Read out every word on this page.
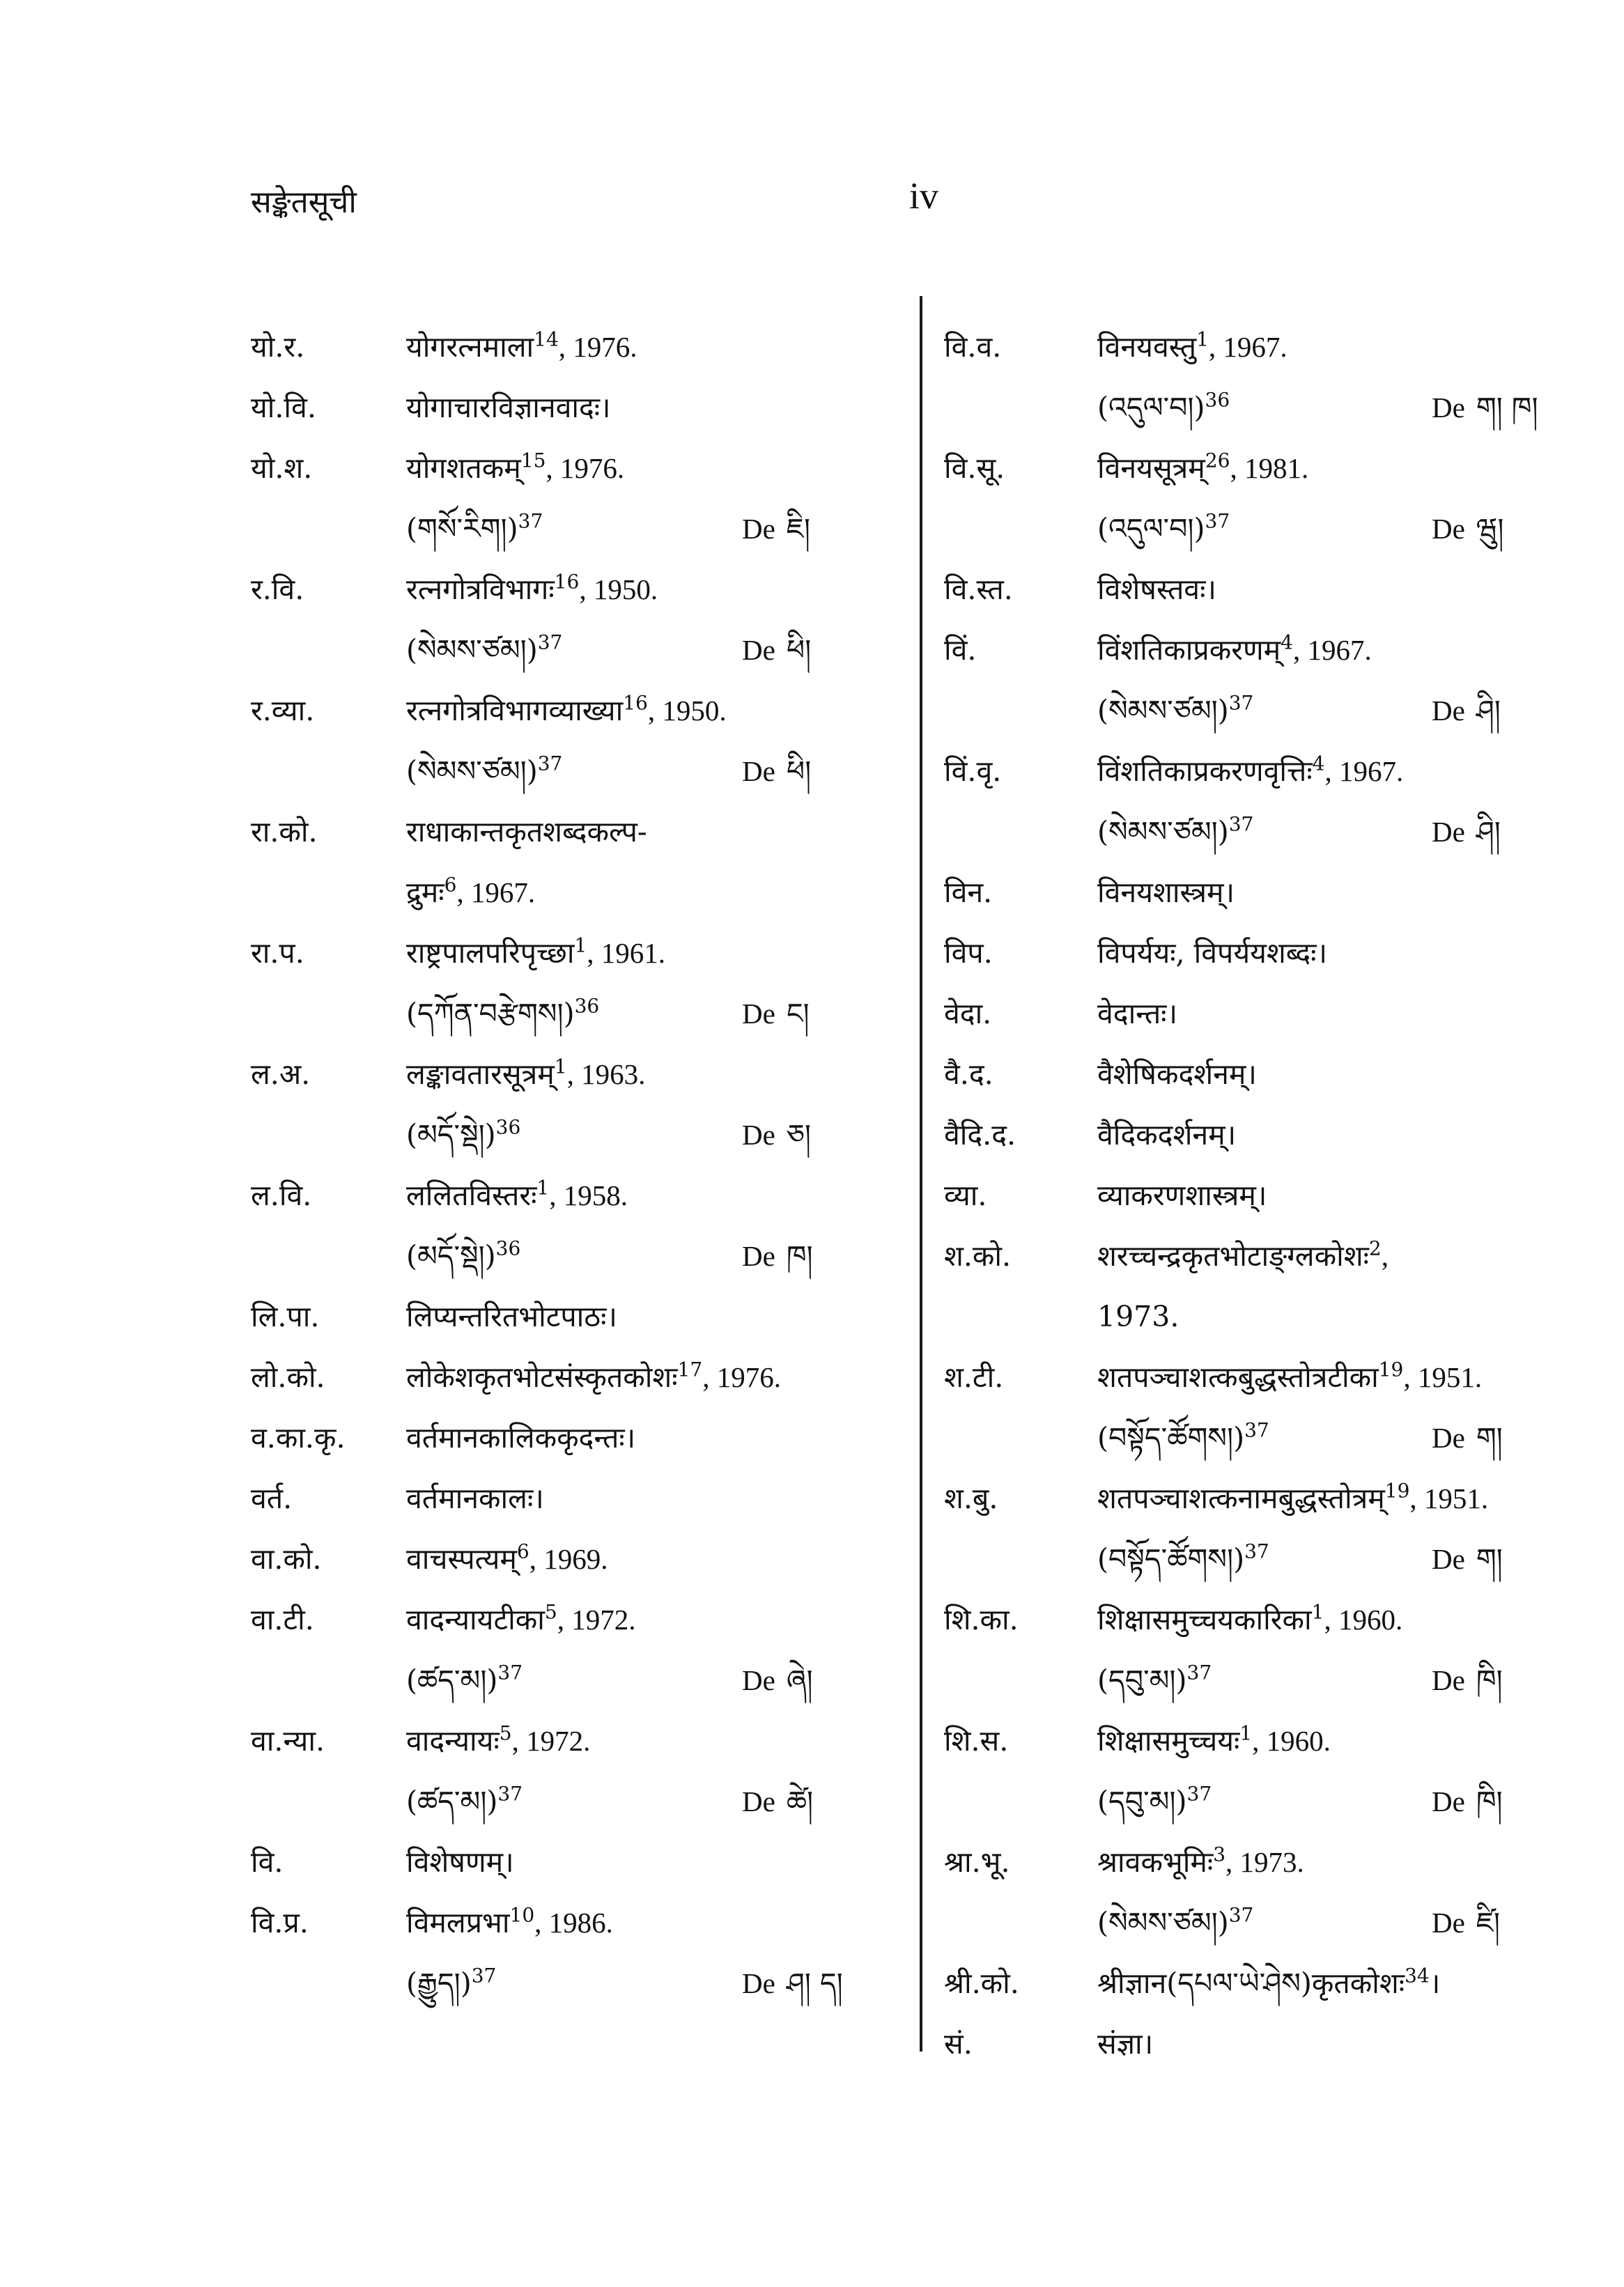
सङ्केतसूची	iv
यो.र.	योगरत्नमाला$^{14}$, 1976.
यो.वि.	योगाचारविज्ञानवादः।
यो.श.	योगशतकम्$^{15}$, 1976.
(གསོ་རིག།)$^{37}$	De ཇི།
र.वि.	रत्नगोत्रविभागः$^{16}$, 1950.
(སེམས་ཙམ།)$^{37}$	De ཕི།
र.व्या.	रत्नगोत्रविभागव्याख्या$^{16}$, 1950.
(སེམས་ཙམ།)$^{37}$	De ཕི།
रा.को.	राधाकान्तकृतशब्दकल्प-
द्रुमः$^6$, 1967.
रा.प.	राष्ट्रपालपरिपृच्छा$^1$, 1961.
(དཀོན་བརྩེགས།)$^{36}$	De ང།
ल.अ.	लङ्कावतारसूत्रम्$^1$, 1963.
(མདོ་སྡེ།)$^{36}$	De ཅ།
ल.वि.	ललितविस्तरः$^1$, 1958.
(མདོ་སྡེ།)$^{36}$	De ཁ།
लि.पा.	लिप्यन्तरितभोटपाठः।
लो.को.	लोकेशकृतभोटसंस्कृतकोशः$^{17}$, 1976.
व.का.कृ. वर्तमानकालिककृदन्तः।
वर्त.	वर्तमानकालः।
वा.को.	वाचस्पत्यम्$^6$, 1969.
वा.टी.	वादन्यायटीका$^5$, 1972.
(ཚད་མ།)$^{37}$	De ཞེ།
वा.न्या.	वादन्यायः$^5$, 1972.
(ཚད་མ།)$^{37}$	De ཚེ།
वि.	विशेषणम्।
वि.प्र.	विमलप्रभा$^{10}$, 1986.
(རྒྱུད།)$^{37}$	De ཤ། ད།
वि.व.	विनयवस्तु$^1$, 1967.
(འདུལ་བ།)$^{36}$	De ག། ཁ།
वि.सू.	विनयसूत्रम्$^{26}$, 1981.
(འདུལ་བ།)$^{37}$	De ཝུ།
वि.स्त.	विशेषस्तवः।
विं.	विंशतिकाप्रकरणम्$^4$, 1967.
(སེམས་ཙམ།)$^{37}$	De ཤི།
विं.वृ.	विंशतिकाप्रकरणवृत्तिः$^4$, 1967.
(སེམས་ཙམ།)$^{37}$	De ཤི།
विन.	विनयशास्त्रम्।
विप.	विपर्ययः, विपर्ययशब्दः।
वेदा.	वेदान्तः।
वै.द.	वैशेषिकदर्शनम्।
वैदि.द.	वैदिकदर्शनम्।
व्या.	व्याकरणशास्त्रम्।
श.को.	शरच्चन्द्रकृतभोटाङ्ग्लकोशः$^2$,
1973.
श.टी.	शतपञ्चाशत्कबुद्धस्तोत्रटीका$^{19}$, 1951.
(བསྟོད་ཚོགས།)$^{37}$	De ག།
श.बु.	शतपञ्चाशत्कनामबुद्धस्तोत्रम्$^{19}$, 1951.
(བསྟོད་ཚོགས།)$^{37}$	De ག།
शि.का.	शिक्षासमुच्चयकारिका$^1$, 1960.
(དབུ་མ།)$^{37}$	De ཁི།
शि.स.	शिक्षासमुच्चयः$^1$, 1960.
(དབུ་མ།)$^{37}$	De ཁི།
श्रा.भू.	श्रावकभूमिः$^3$, 1973.
(སེམས་ཙམ།)$^{37}$	De ཛི།
श्री.को.	श्रीज्ञान(དཔལ་ཡེ་ཤེས)कृतकोशः$^{34}$।
सं.	संज्ञा।
